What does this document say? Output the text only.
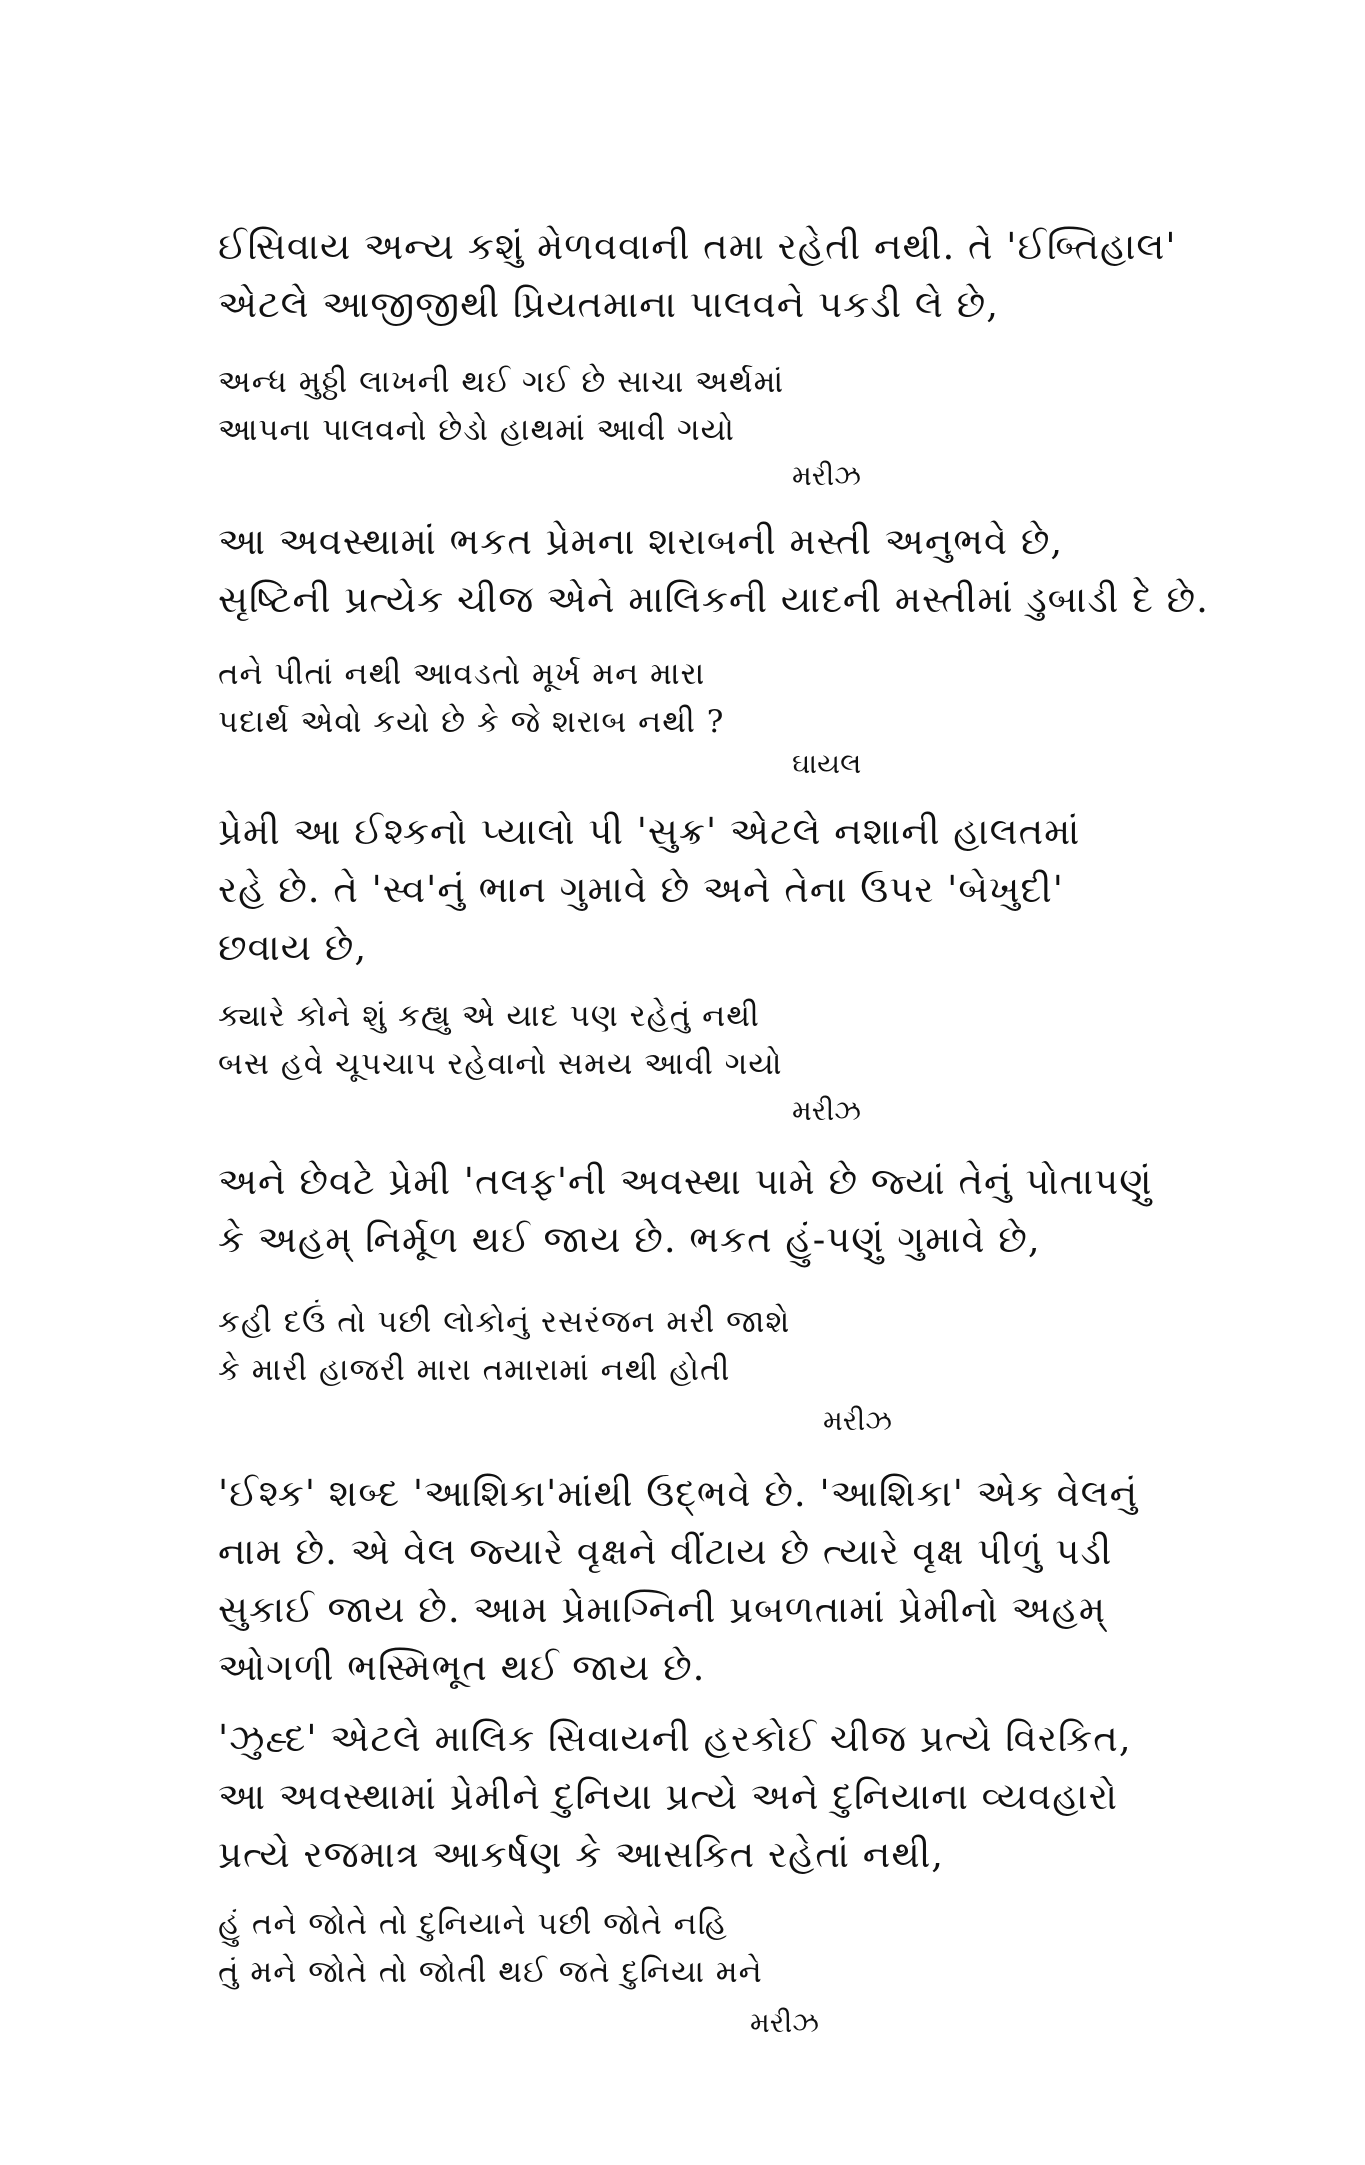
ઈસિવાય અન્ય કશું મેળવવાની તમા રહેતી નથી. તે 'ઈબ્તિહાલ'
એટલે આજીજીથી પ્રિયતમાના પાલવને પકડી લે છે,
અન્ધ મુઠ્ઠી લાખની થઈ ગઈ છે સાચા અર્થમાં
આપના પાલવનો છેડો હાથમાં આવી ગયો
મરીઝ
આ અવસ્થામાં ભકત પ્રેમના શરાબની મસ્તી અનુભવે છે,
સૃષ્ટિની પ્રત્યેક ચીજ એને માલિકની યાદની મસ્તીમાં ડુબાડી દે છે.
તને પીતાં નથી આવડતો મૂર્ખ મન મારા
પદાર્થ એવો કયો છે કે જે શરાબ નથી ?
ઘાયલ
પ્રેમી આ ઈશ્કનો પ્યાલો પી 'સુક્ર' એટલે નશાની હાલતમાં
રહે છે. તે 'સ્વ'નું ભાન ગુમાવે છે અને તેના ઉપર 'બેખુદી'
છવાય છે,
ક્યારે કોને શું કહ્યુ એ યાદ પણ રહેતું નથી
બસ હવે ચૂપચાપ રહેવાનો સમય આવી ગયો
મરીઝ
અને છેવટે પ્રેમી 'તલફ'ની અવસ્થા પામે છે જ્યાં તેનું પોતાપણું
કે અહમ્ નિર્મૂળ થઈ જાય છે. ભકત હું-પણું ગુમાવે છે,
કહી દઉં તો પછી લોકોનું રસરંજન મરી જાશે
કે મારી હાજરી મારા તમારામાં નથી હોતી
મરીઝ
'ઈશ્ક' શબ્દ 'આશિકા'માંથી ઉદ્ભવે છે. 'આશિકા' એક વેલનું
નામ છે. એ વેલ જ્યારે વૃક્ષને વીંટાય છે ત્યારે વૃક્ષ પીળું પડી
સુકાઈ જાય છે. આમ પ્રેમાગ્નિની પ્રબળતામાં પ્રેમીનો અહમ્
ઓગળી ભસ્મિભૂત થઈ જાય છે.
'ઝુહ્દ' એટલે માલિક સિવાયની હરકોઈ ચીજ પ્રત્યે વિરકિત,
આ અવસ્થામાં પ્રેમીને દુનિયા પ્રત્યે અને દુનિયાના વ્યવહારો
પ્રત્યે રજમાત્ર આકર્ષણ કે આસકિત રહેતાં નથી,
હું તને જોતે તો દુનિયાને પછી જોતે નહિ
તું મને જોતે તો જોતી થઈ જતે દુનિયા મને
મરીઝ
